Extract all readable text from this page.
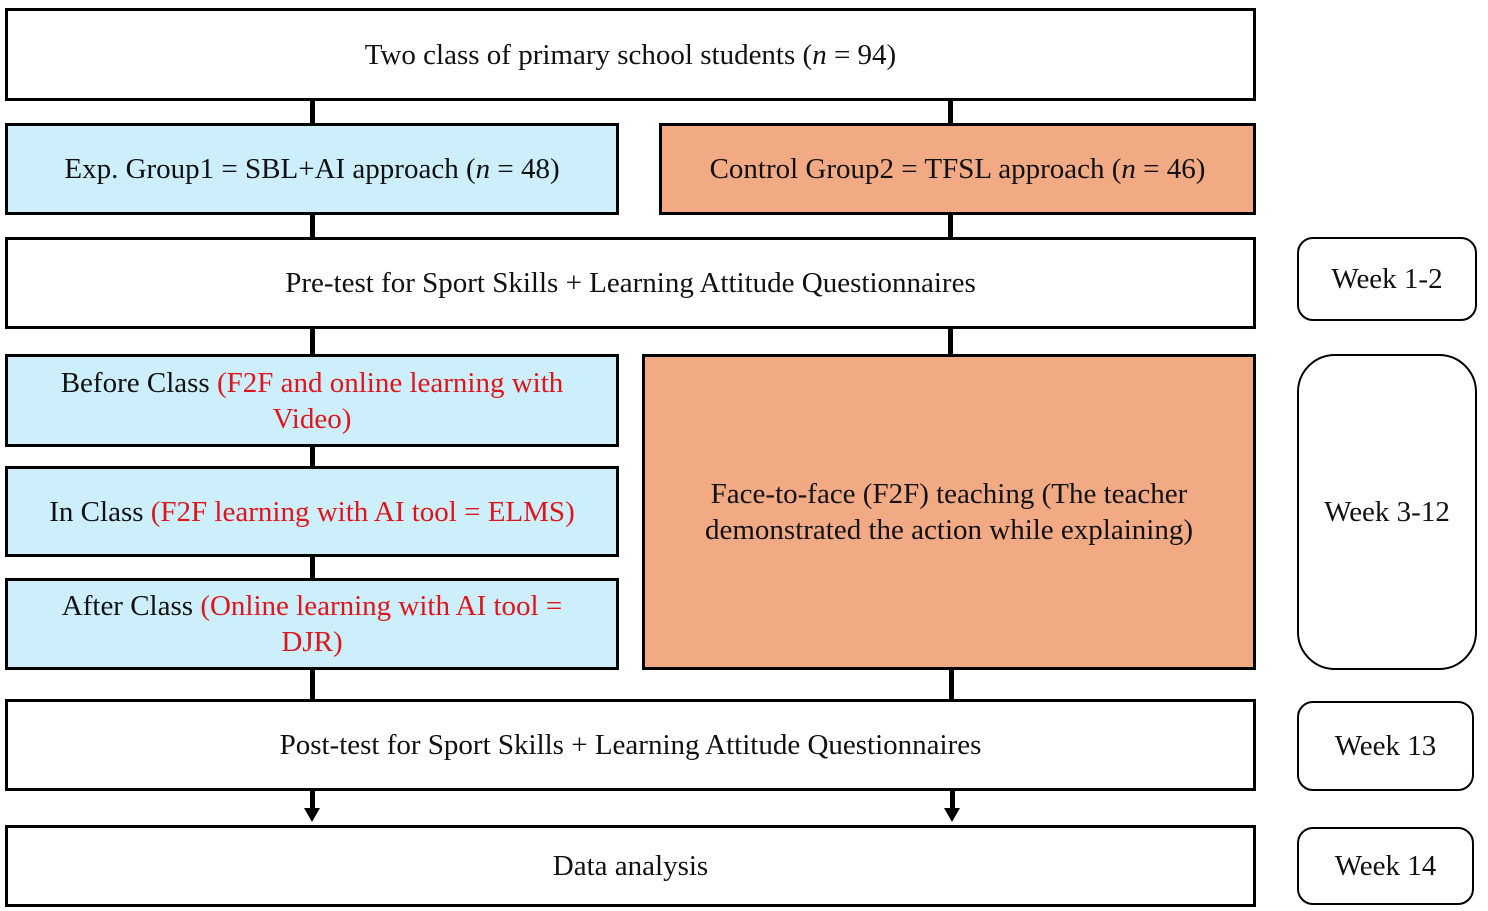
Two class of primary school students (n = 94)
Exp. Group1 = SBL+AI approach (n = 48)	Control Group2 = TFSL approach (n = 46)
Pre-test for Sport Skills + Learning Attitude Questionnaires
Before Class (F2F and online learning with Video)
In Class (F2F learning with AI tool = ELMS)
After Class (Online learning with AI tool = DJR)
Face-to-face (F2F) teaching (The teacher demonstrated the action while explaining)
Post-test for Sport Skills + Learning Attitude Questionnaires
Data analysis
Week 1-2
Week 3-12
Week 13
Week 14
